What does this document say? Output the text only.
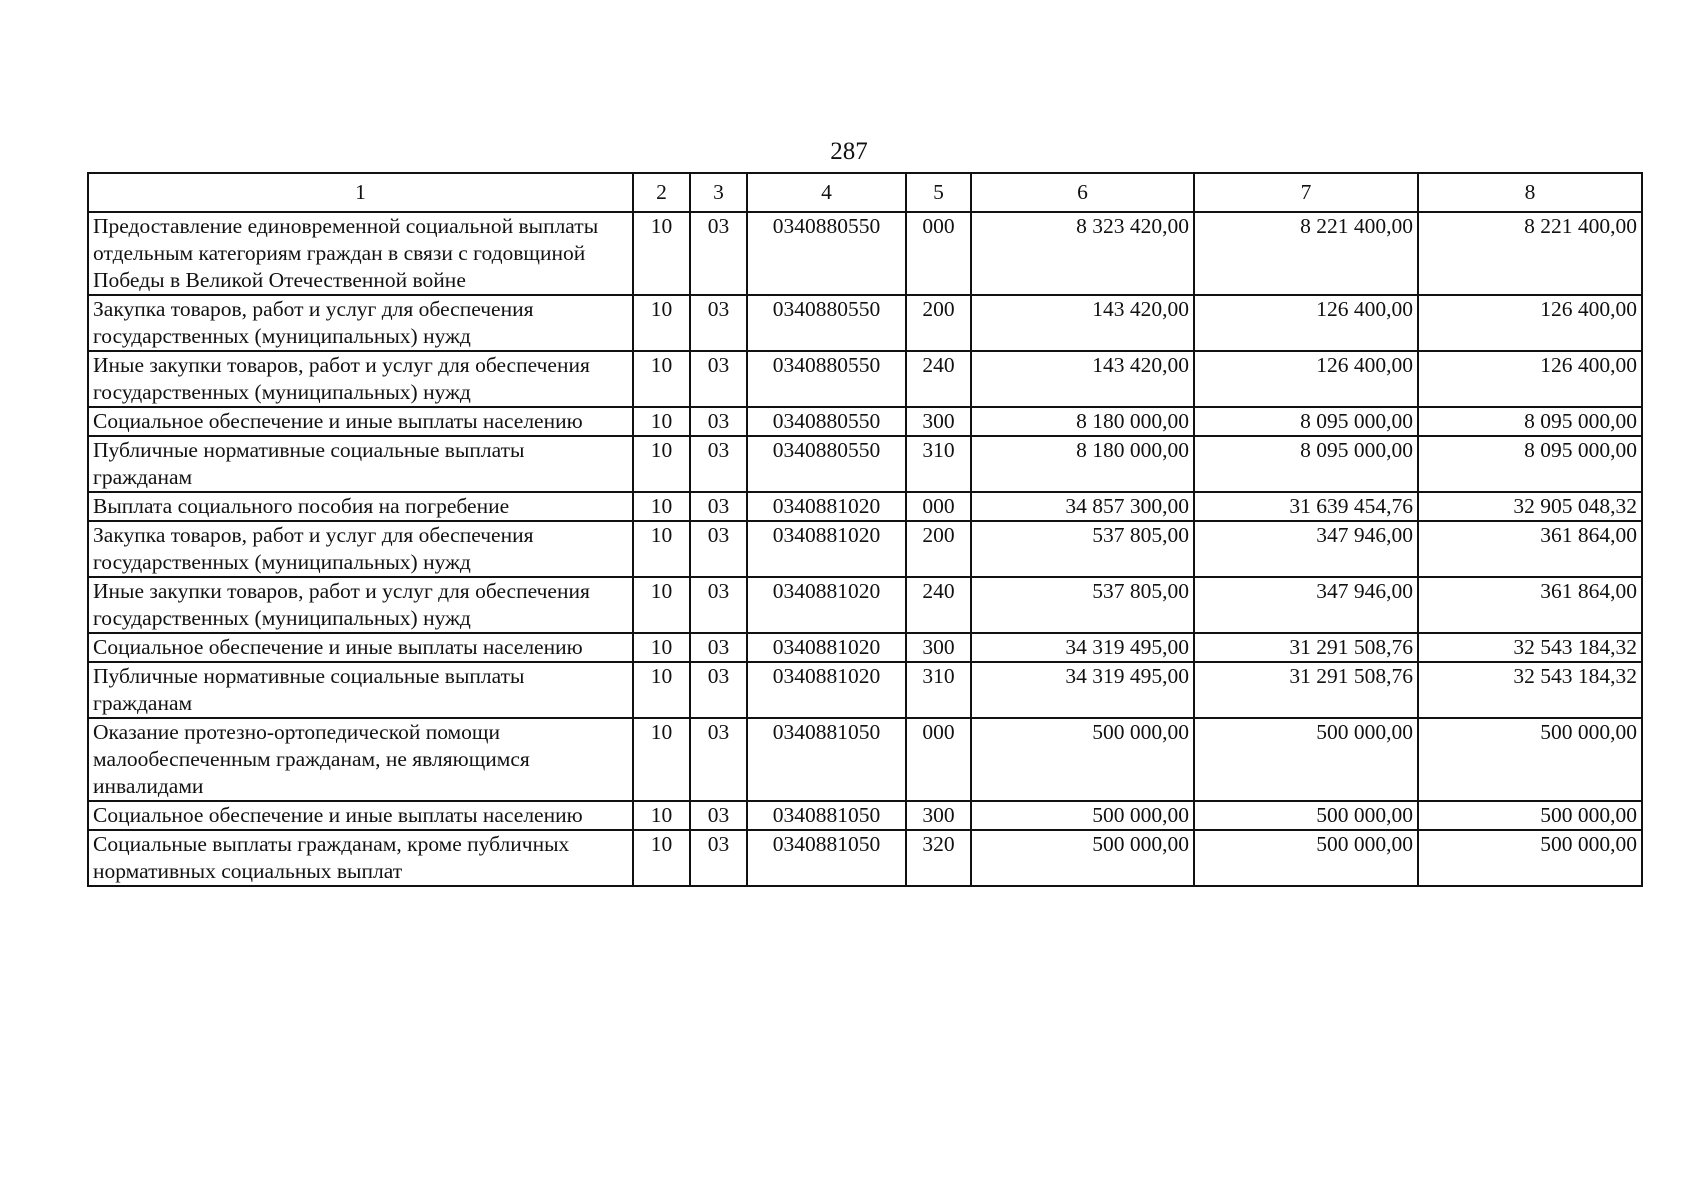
287
1	2	3	4	5	6	7	8
Предоставление единовременной социальной выплаты отдельным категориям граждан в связи с годовщиной Победы в Великой Отечественной войне	10	03	0340880550	000	8 323 420,00	8 221 400,00	8 221 400,00
Закупка товаров, работ и услуг для обеспечения государственных (муниципальных) нужд	10	03	0340880550	200	143 420,00	126 400,00	126 400,00
Иные закупки товаров, работ и услуг для обеспечения государственных (муниципальных) нужд	10	03	0340880550	240	143 420,00	126 400,00	126 400,00
Социальное обеспечение и иные выплаты населению	10	03	0340880550	300	8 180 000,00	8 095 000,00	8 095 000,00
Публичные нормативные социальные выплаты гражданам	10	03	0340880550	310	8 180 000,00	8 095 000,00	8 095 000,00
Выплата социального пособия на погребение	10	03	0340881020	000	34 857 300,00	31 639 454,76	32 905 048,32
Закупка товаров, работ и услуг для обеспечения государственных (муниципальных) нужд	10	03	0340881020	200	537 805,00	347 946,00	361 864,00
Иные закупки товаров, работ и услуг для обеспечения государственных (муниципальных) нужд	10	03	0340881020	240	537 805,00	347 946,00	361 864,00
Социальное обеспечение и иные выплаты населению	10	03	0340881020	300	34 319 495,00	31 291 508,76	32 543 184,32
Публичные нормативные социальные выплаты гражданам	10	03	0340881020	310	34 319 495,00	31 291 508,76	32 543 184,32
Оказание протезно-ортопедической помощи малообеспеченным гражданам, не являющимся инвалидами	10	03	0340881050	000	500 000,00	500 000,00	500 000,00
Социальное обеспечение и иные выплаты населению	10	03	0340881050	300	500 000,00	500 000,00	500 000,00
Социальные выплаты гражданам, кроме публичных нормативных социальных выплат	10	03	0340881050	320	500 000,00	500 000,00	500 000,00
